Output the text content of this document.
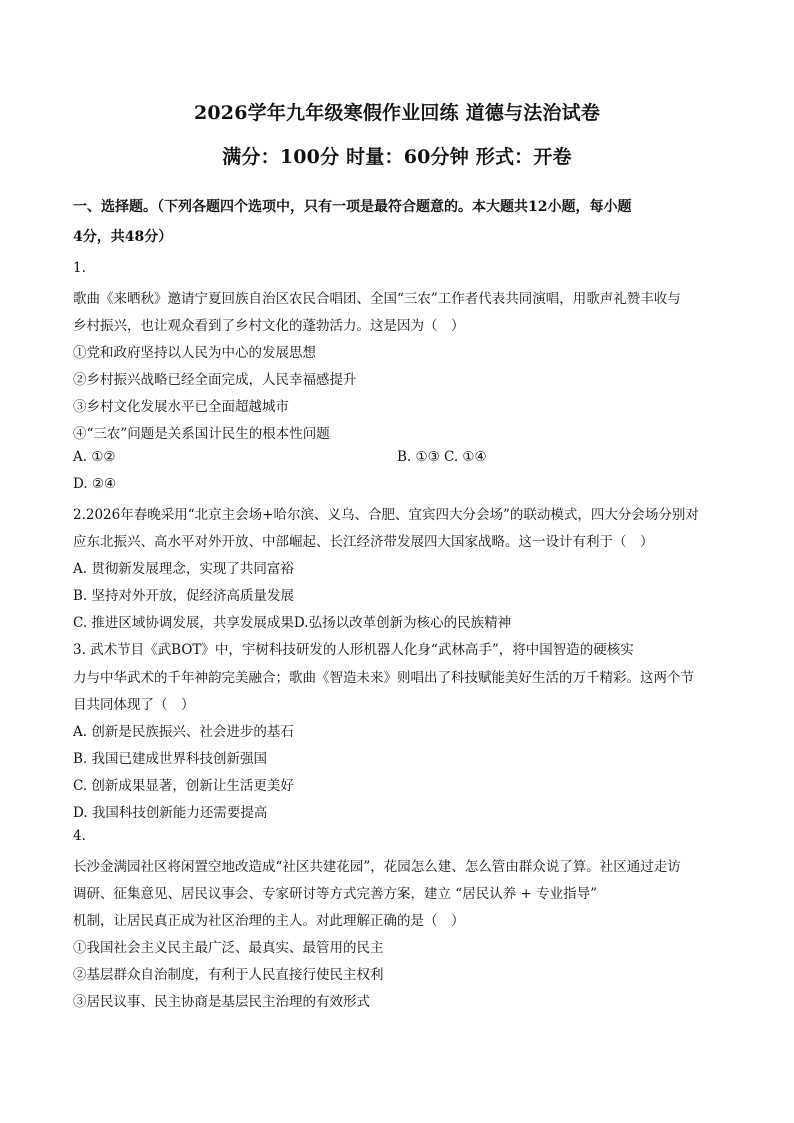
2026学年九年级寒假作业回练 道德与法治试卷
满分：100分 时量：60分钟 形式：开卷
一、选择题。（下列各题四个选项中，只有一项是最符合题意的。本大题共12小题，每小题
4分，共48分）
1.
歌曲《来晒秋》邀请宁夏回族自治区农民合唱团、全国“三农”工作者代表共同演唱，用歌声礼赞丰收与
乡村振兴，也让观众看到了乡村文化的蓬勃活力。这是因为（　）
①党和政府坚持以人民为中心的发展思想
②乡村振兴战略已经全面完成，人民幸福感提升
③乡村文化发展水平已全面超越城市
④“三农”问题是关系国计民生的根本性问题
A. ①②	B. ①③ C. ①④
D. ②④
2.2026年春晚采用“北京主会场+哈尔滨、义乌、合肥、宜宾四大分会场”的联动模式，四大分会场分别对
应东北振兴、高水平对外开放、中部崛起、长江经济带发展四大国家战略。这一设计有利于（　）
A. 贯彻新发展理念，实现了共同富裕
B. 坚持对外开放，促经济高质量发展
C. 推进区域协调发展，共享发展成果D.弘扬以改革创新为核心的民族精神
3. 武术节目《武BOT》中，宇树科技研发的人形机器人化身“武林高手”，将中国智造的硬核实
力与中华武术的千年神韵完美融合；歌曲《智造未来》则唱出了科技赋能美好生活的万千精彩。这两个节
目共同体现了（　）
A. 创新是民族振兴、社会进步的基石
B. 我国已建成世界科技创新强国
C. 创新成果显著，创新让生活更美好
D. 我国科技创新能力还需要提高
4.
长沙金满园社区将闲置空地改造成“社区共建花园”，花园怎么建、怎么管由群众说了算。社区通过走访
调研、征集意见、居民议事会、专家研讨等方式完善方案，建立 “居民认养 + 专业指导”
机制，让居民真正成为社区治理的主人。对此理解正确的是（　）
①我国社会主义民主最广泛、最真实、最管用的民主
②基层群众自治制度，有利于人民直接行使民主权利
③居民议事、民主协商是基层民主治理的有效形式
